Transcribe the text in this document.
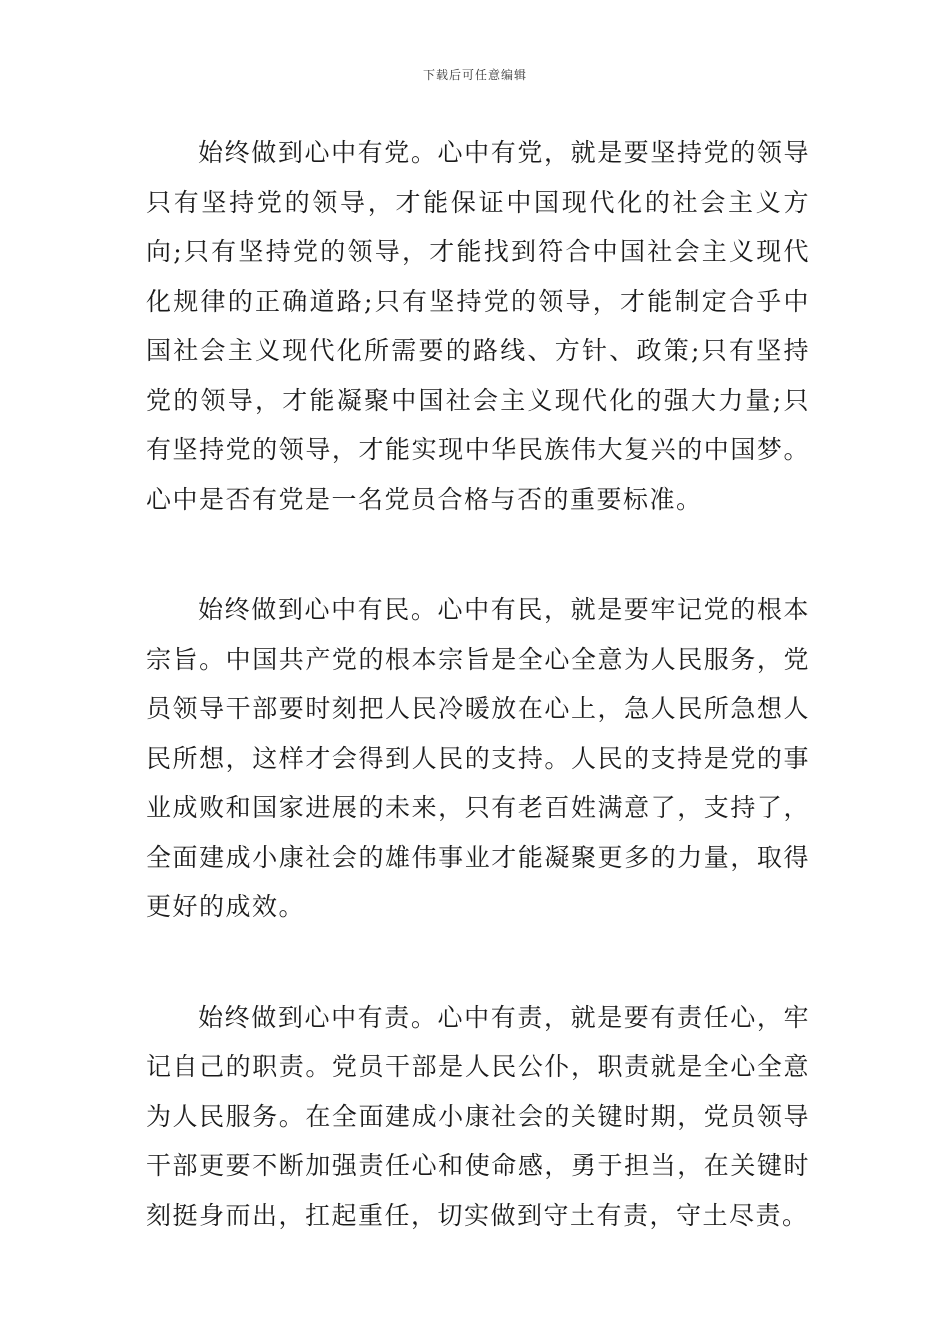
下载后可任意编辑

始终做到心中有党。心中有党，就是要坚持党的领导只有坚持党的领导，才能保证中国现代化的社会主义方向;只有坚持党的领导，才能找到符合中国社会主义现代化规律的正确道路;只有坚持党的领导，才能制定合乎中国社会主义现代化所需要的路线、方针、政策;只有坚持党的领导，才能凝聚中国社会主义现代化的强大力量;只有坚持党的领导，才能实现中华民族伟大复兴的中国梦。心中是否有党是一名党员合格与否的重要标准。

始终做到心中有民。心中有民，就是要牢记党的根本宗旨。中国共产党的根本宗旨是全心全意为人民服务，党员领导干部要时刻把人民冷暖放在心上，急人民所急想人民所想，这样才会得到人民的支持。人民的支持是党的事业成败和国家进展的未来，只有老百姓满意了，支持了，全面建成小康社会的雄伟事业才能凝聚更多的力量，取得更好的成效。

始终做到心中有责。心中有责，就是要有责任心，牢记自己的职责。党员干部是人民公仆，职责就是全心全意为人民服务。在全面建成小康社会的关键时期，党员领导干部更要不断加强责任心和使命感，勇于担当，在关键时刻挺身而出，扛起重任，切实做到守土有责，守土尽责。
